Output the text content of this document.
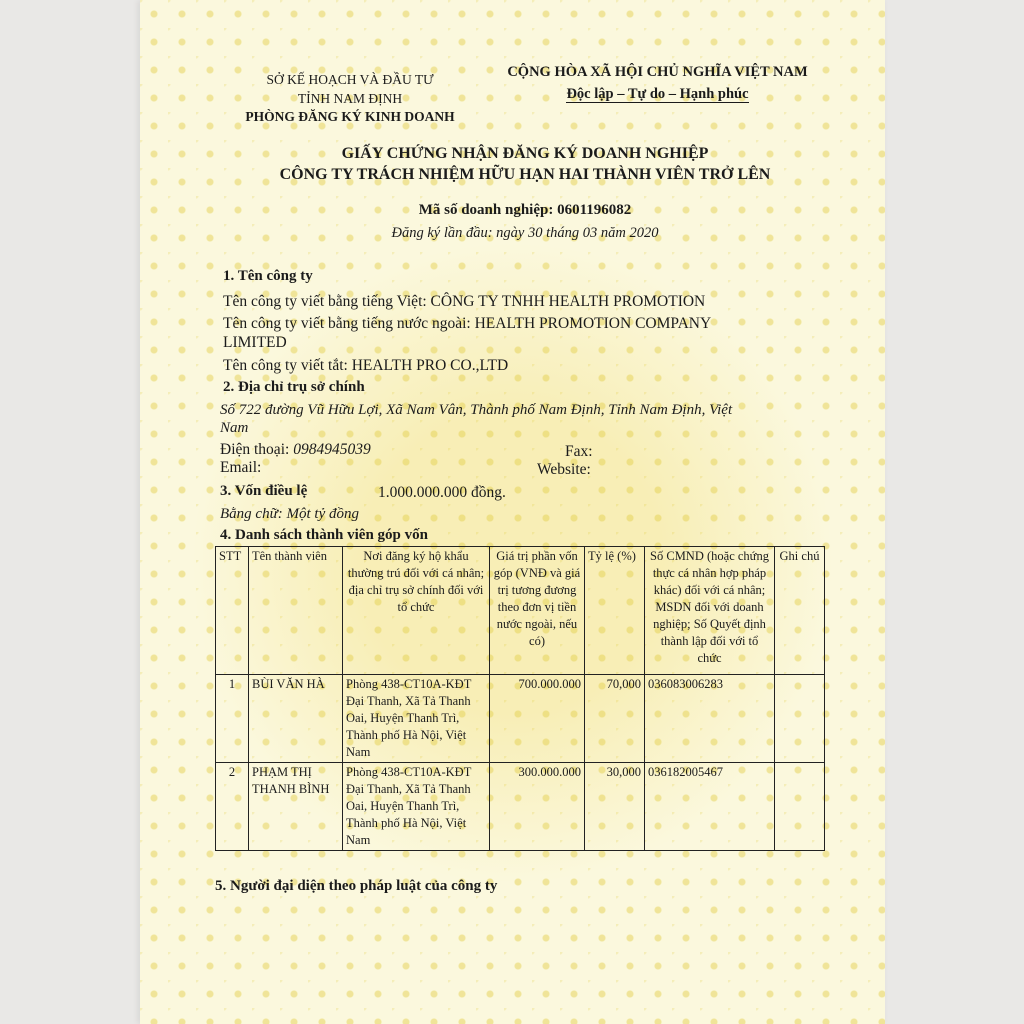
SỞ KẾ HOẠCH VÀ ĐẦU TƯ
TỈNH NAM ĐỊNH
PHÒNG ĐĂNG KÝ KINH DOANH
CỘNG HÒA XÃ HỘI CHỦ NGHĨA VIỆT NAM
Độc lập – Tự do – Hạnh phúc
GIẤY CHỨNG NHẬN ĐĂNG KÝ DOANH NGHIỆP
CÔNG TY TRÁCH NHIỆM HỮU HẠN HAI THÀNH VIÊN TRỞ LÊN
Mã số doanh nghiệp: 0601196082
Đăng ký lần đầu: ngày 30 tháng 03 năm 2020
1. Tên công ty
Tên công ty viết bằng tiếng Việt: CÔNG TY TNHH HEALTH PROMOTION
Tên công ty viết bằng tiếng nước ngoài: HEALTH PROMOTION COMPANY
LIMITED
Tên công ty viết tắt: HEALTH PRO CO.,LTD
2. Địa chỉ trụ sở chính
Số 722 đường Vũ Hữu Lợi, Xã Nam Vân, Thành phố Nam Định, Tỉnh Nam Định, Việt
Nam
Điện thoại: 0984945039	Fax:
Email:	Website:
3. Vốn điều lệ	1.000.000.000 đồng.
Bằng chữ: Một tỷ đồng
4. Danh sách thành viên góp vốn
STT	Tên thành viên	Nơi đăng ký hộ khẩu thường trú đối với cá nhân; địa chỉ trụ sở chính đối với tổ chức	Giá trị phần vốn góp (VNĐ và giá trị tương đương theo đơn vị tiền nước ngoài, nếu có)	Tỷ lệ (%)	Số CMND (hoặc chứng thực cá nhân hợp pháp khác) đối với cá nhân; MSDN đối với doanh nghiệp; Số Quyết định thành lập đối với tổ chức	Ghi chú
1	BÙI VĂN HÀ	Phòng 438-CT10A-KĐT Đại Thanh, Xã Tả Thanh Oai, Huyện Thanh Trì, Thành phố Hà Nội, Việt Nam	700.000.000	70,000	036083006283	
2	PHẠM THỊ THANH BÌNH	Phòng 438-CT10A-KĐT Đại Thanh, Xã Tả Thanh Oai, Huyện Thanh Trì, Thành phố Hà Nội, Việt Nam	300.000.000	30,000	036182005467	
5. Người đại diện theo pháp luật của công ty
